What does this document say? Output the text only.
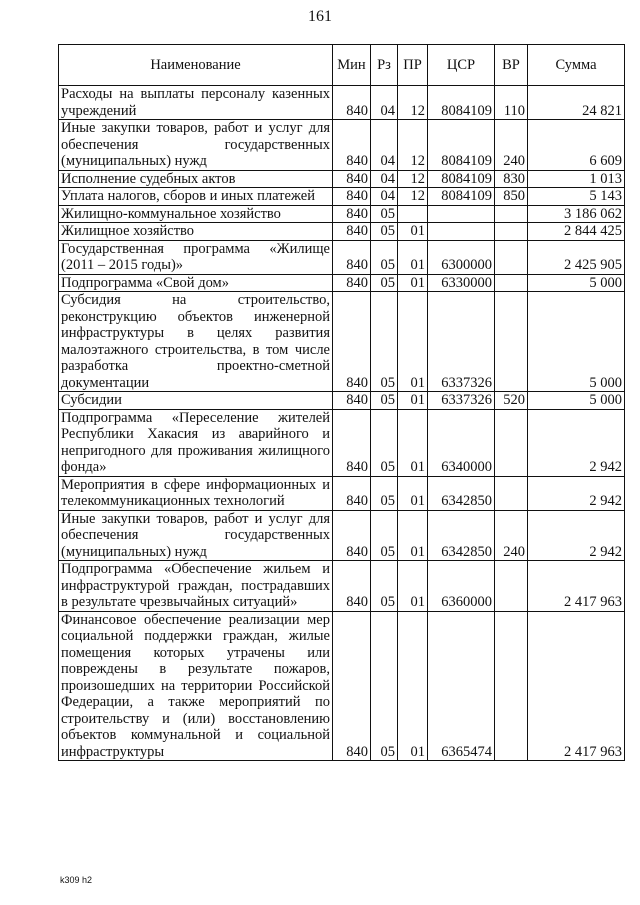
161
Наименование	Мин	Рз	ПР	ЦСР	ВР	Сумма
Расходы на выплаты персоналу казенных учреждений	840	04	12	8084109	110	24 821
Иные закупки товаров, работ и услуг для обеспечения государственных (муниципальных) нужд	840	04	12	8084109	240	6 609
Исполнение судебных актов	840	04	12	8084109	830	1 013
Уплата налогов, сборов и иных платежей	840	04	12	8084109	850	5 143
Жилищно-коммунальное хозяйство	840	05				3 186 062
Жилищное хозяйство	840	05	01			2 844 425
Государственная программа «Жилище (2011 – 2015 годы)»	840	05	01	6300000		2 425 905
Подпрограмма «Свой дом»	840	05	01	6330000		5 000
Субсидия на строительство, реконструкцию объектов инженерной инфраструктуры в целях развития малоэтажного строительства, в том числе разработка проектно-сметной документации	840	05	01	6337326		5 000
Субсидии	840	05	01	6337326	520	5 000
Подпрограмма «Переселение жителей Республики Хакасия из аварийного и непригодного для проживания жилищного фонда»	840	05	01	6340000		2 942
Мероприятия в сфере информационных и телекоммуникационных технологий	840	05	01	6342850		2 942
Иные закупки товаров, работ и услуг для обеспечения государственных (муниципальных) нужд	840	05	01	6342850	240	2 942
Подпрограмма «Обеспечение жильем и инфраструктурой граждан, пострадавших в результате чрезвычайных ситуаций»	840	05	01	6360000		2 417 963
Финансовое обеспечение реализации мер социальной поддержки граждан, жилые помещения которых утрачены или повреждены в результате пожаров, произошедших на территории Российской Федерации, а также мероприятий по строительству и (или) восстановлению объектов коммунальной и социальной инфраструктуры	840	05	01	6365474		2 417 963
k309 h2
